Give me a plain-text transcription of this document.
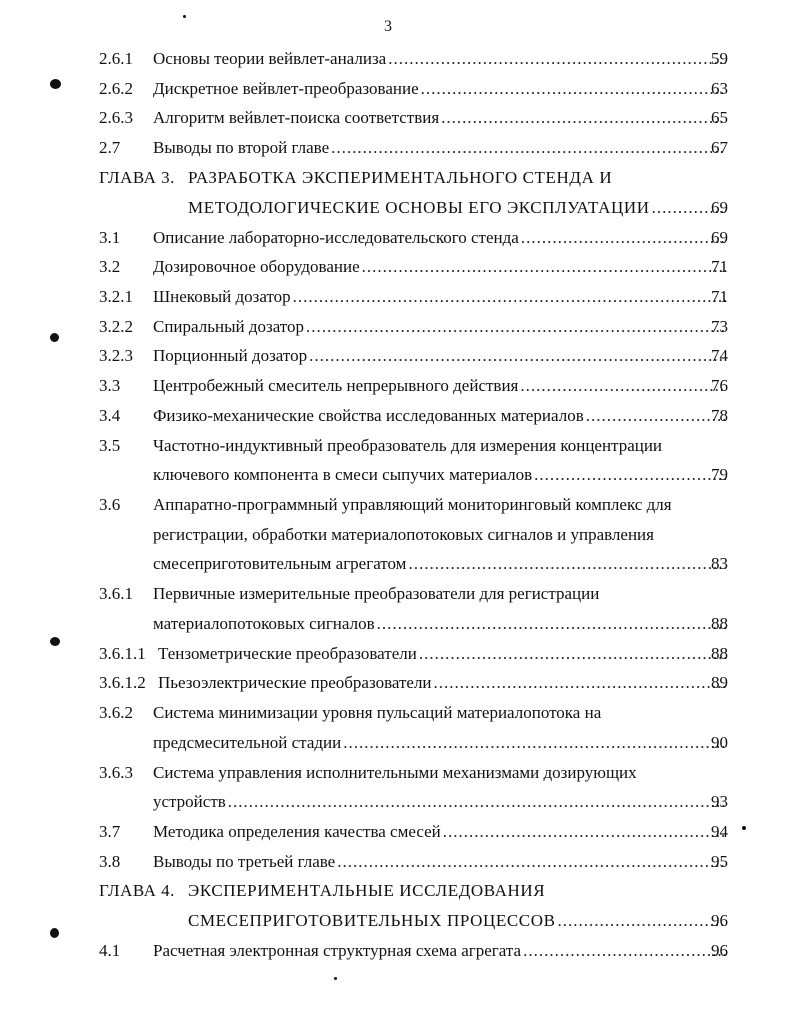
3
2.6.1 Основы теории вейвлет-анализа .....	59
2.6.2 Дискретное вейвлет-преобразование .....	63
2.6.3 Алгоритм вейвлет-поиска соответствия .....	65
2.7 Выводы по второй главе .....	67
ГЛАВА 3. РАЗРАБОТКА ЭКСПЕРИМЕНТАЛЬНОГО СТЕНДА И
МЕТОДОЛОГИЧЕСКИЕ ОСНОВЫ ЕГО ЭКСПЛУАТАЦИИ .....	69
3.1 Описание лабораторно-исследовательского стенда .....	69
3.2 Дозировочное оборудование .....	71
3.2.1 Шнековый дозатор .....	71
3.2.2 Спиральный дозатор .....	73
3.2.3 Порционный дозатор .....	74
3.3 Центробежный смеситель непрерывного действия .....	76
3.4 Физико-механические свойства исследованных материалов .....	78
3.5 Частотно-индуктивный преобразователь для измерения концентрации
ключевого компонента в смеси сыпучих материалов .....	79
3.6 Аппаратно-программный управляющий мониторинговый комплекс для
регистрации, обработки материалопотоковых сигналов и управления
смесеприготовительным агрегатом .....	83
3.6.1 Первичные измерительные преобразователи для регистрации
материалопотоковых сигналов .....	88
3.6.1.1 Тензометрические преобразователи .....	88
3.6.1.2 Пьезоэлектрические преобразователи .....	89
3.6.2 Система минимизации уровня пульсаций материалопотока на
предсмесительной стадии .....	90
3.6.3 Система управления исполнительными механизмами дозирующих
устройств .....	93
3.7 Методика определения качества смесей .....	94
3.8 Выводы по третьей главе .....	95
ГЛАВА 4. ЭКСПЕРИМЕНТАЛЬНЫЕ ИССЛЕДОВАНИЯ
СМЕСЕПРИГОТОВИТЕЛЬНЫХ ПРОЦЕССОВ .....	96
4.1 Расчетная электронная структурная схема агрегата .....	96
